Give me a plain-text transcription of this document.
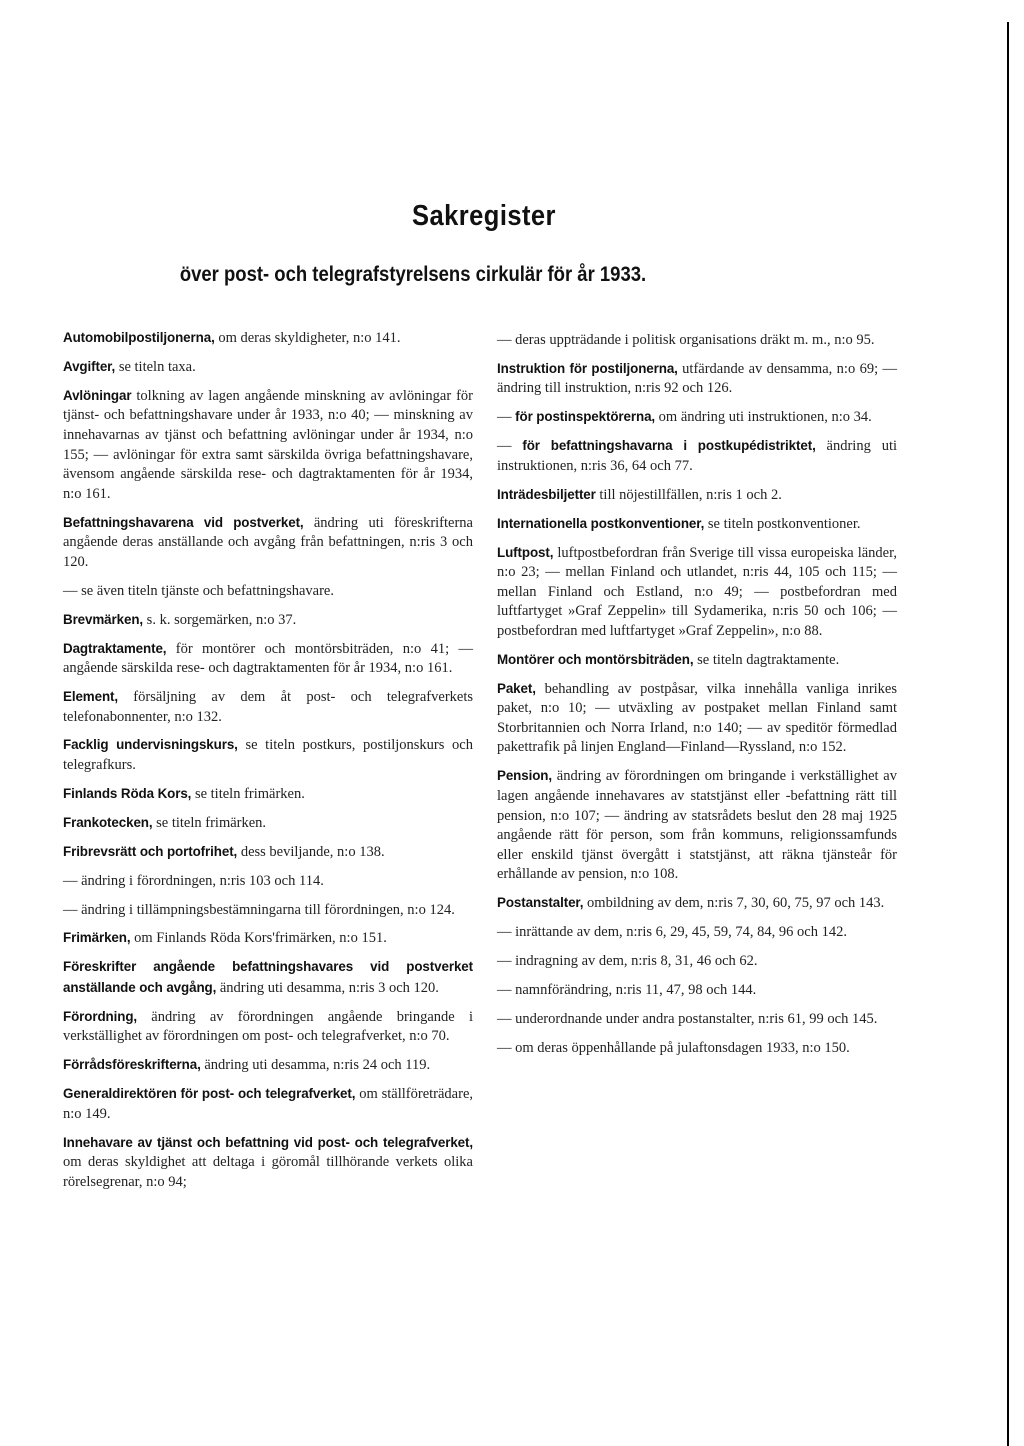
Sakregister
över post- och telegrafstyrelsens cirkulär för år 1933.
Automobilpostiljonerna, om deras skyldigheter, n:o 141.
Avgifter, se titeln taxa.
Avlöningar tolkning av lagen angående minskning av avlöningar för tjänst- och befattningshavare under år 1933, n:o 40; — minskning av innehavarnas av tjänst och befattning avlöningar under år 1934, n:o 155; — avlöningar för extra samt särskilda övriga befattningshavare, ävensom angående särskilda rese- och dagtraktamenten för år 1934, n:o 161.
Befattningshavarena vid postverket, ändring uti föreskrifterna angående deras anställande och avgång från befattningen, n:ris 3 och 120.
— se även titeln tjänste och befattningshavare.
Brevmärken, s. k. sorgemärken, n:o 37.
Dagtraktamente, för montörer och montörsbiträden, n:o 41; — angående särskilda rese- och dagtraktamenten för år 1934, n:o 161.
Element, försäljning av dem åt post- och telegrafverkets telefonabonnenter, n:o 132.
Facklig undervisningskurs, se titeln postkurs, postiljonskurs och telegrafkurs.
Finlands Röda Kors, se titeln frimärken.
Frankotecken, se titeln frimärken.
Fribrevsrätt och portofrihet, dess beviljande, n:o 138.
— ändring i förordningen, n:ris 103 och 114.
— ändring i tillämpningsbestämningarna till förordningen, n:o 124.
Frimärken, om Finlands Röda Kors'frimärken, n:o 151.
Föreskrifter angående befattningshavares vid postverket anställande och avgång, ändring uti desamma, n:ris 3 och 120.
Förordning, ändring av förordningen angående bringande i verkställighet av förordningen om post- och telegrafverket, n:o 70.
Förrådsföreskrifterna, ändring uti desamma, n:ris 24 och 119.
Generaldirektören för post- och telegrafverket, om ställföreträdare, n:o 149.
Innehavare av tjänst och befattning vid post- och telegrafverket, om deras skyldighet att deltaga i göromål tillhörande verkets olika rörelsegrenar, n:o 94;
— deras uppträdande i politisk organisations dräkt m. m., n:o 95.
Instruktion för postiljonerna, utfärdande av densamma, n:o 69; — ändring till instruktion, n:ris 92 och 126.
— för postinspektörerna, om ändring uti instruktionen, n:o 34.
— för befattningshavarna i postkupédistriktet, ändring uti instruktionen, n:ris 36, 64 och 77.
Inträdesbiljetter till nöjestillfällen, n:ris 1 och 2.
Internationella postkonventioner, se titeln postkonventioner.
Luftpost, luftpostbefordran från Sverige till vissa europeiska länder, n:o 23; — mellan Finland och utlandet, n:ris 44, 105 och 115; — mellan Finland och Estland, n:o 49; — postbefordran med luftfartyget »Graf Zeppelin» till Sydamerika, n:ris 50 och 106; — postbefordran med luftfartyget »Graf Zeppelin», n:o 88.
Montörer och montörsbiträden, se titeln dagtraktamente.
Paket, behandling av postpåsar, vilka innehålla vanliga inrikes paket, n:o 10; — utväxling av postpaket mellan Finland samt Storbritannien och Norra Irland, n:o 140; — av speditör förmedlad pakettrafik på linjen England—Finland—Ryssland, n:o 152.
Pension, ändring av förordningen om bringande i verkställighet av lagen angående innehavares av statstjänst eller -befattning rätt till pension, n:o 107; — ändring av statsrådets beslut den 28 maj 1925 angående rätt för person, som från kommuns, religionssamfunds eller enskild tjänst övergått i statstjänst, att räkna tjänsteår för erhållande av pension, n:o 108.
Postanstalter, ombildning av dem, n:ris 7, 30, 60, 75, 97 och 143.
— inrättande av dem, n:ris 6, 29, 45, 59, 74, 84, 96 och 142.
— indragning av dem, n:ris 8, 31, 46 och 62.
— namnförändring, n:ris 11, 47, 98 och 144.
— underordnande under andra postanstalter, n:ris 61, 99 och 145.
— om deras öppenhållande på julaftonsdagen 1933, n:o 150.
